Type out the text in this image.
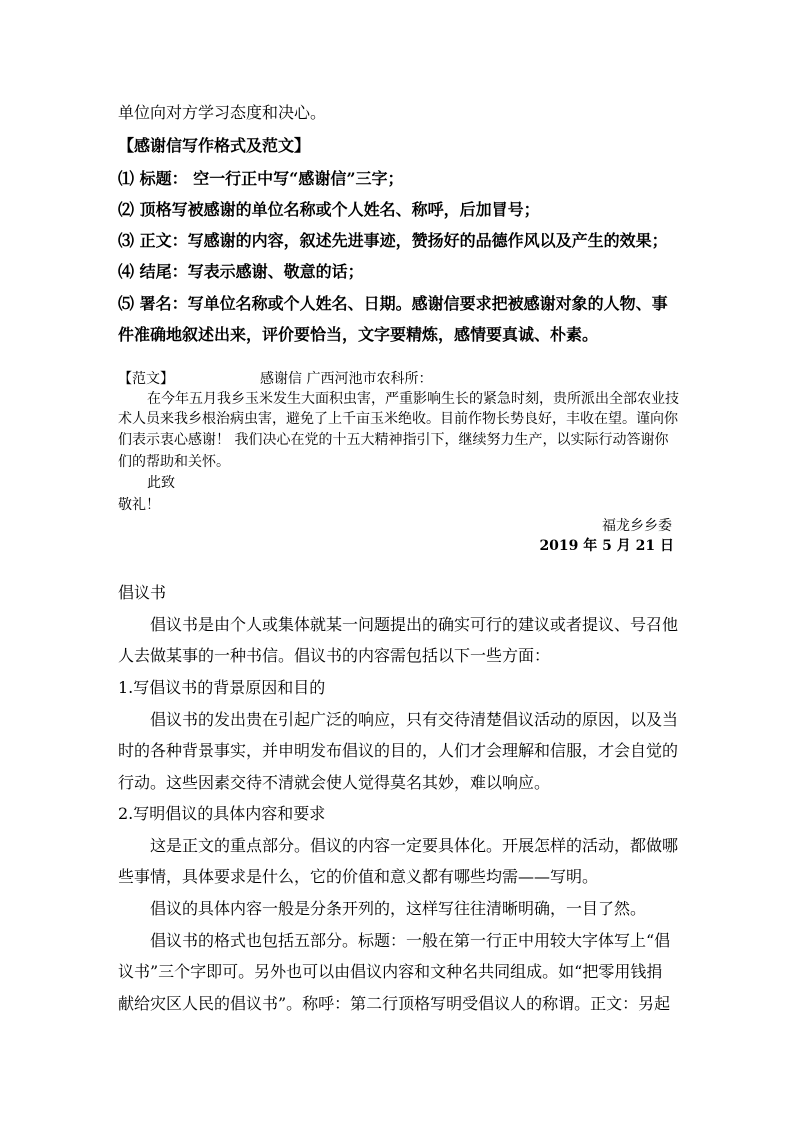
单位向对方学习态度和决心。
【感谢信写作格式及范文】
⑴ 标题： 空一行正中写“感谢信”三字；
⑵ 顶格写被感谢的单位名称或个人姓名、称呼，后加冒号；
⑶ 正文：写感谢的内容，叙述先进事迹，赞扬好的品德作风以及产生的效果；
⑷ 结尾：写表示感谢、敬意的话；
⑸ 署名：写单位名称或个人姓名、日期。感谢信要求把被感谢对象的人物、事
件准确地叙述出来，评价要恰当，文字要精炼，感情要真诚、朴素。
【范文】	感谢信 广西河池市农科所：
在今年五月我乡玉米发生大面积虫害，严重影响生长的紧急时刻，贵所派出全部农业技
术人员来我乡根治病虫害，避免了上千亩玉米绝收。目前作物长势良好，丰收在望。谨向你
们表示衷心感谢！ 我们决心在党的十五大精神指引下，继续努力生产，以实际行动答谢你
们的帮助和关怀。
此致
敬礼！
福龙乡乡委
2019 年 5 月 21 日
倡议书
倡议书是由个人或集体就某一问题提出的确实可行的建议或者提议、号召他
人去做某事的一种书信。倡议书的内容需包括以下一些方面：
1.写倡议书的背景原因和目的
倡议书的发出贵在引起广泛的响应，只有交待清楚倡议活动的原因，以及当
时的各种背景事实，并申明发布倡议的目的，人们才会理解和信服，才会自觉的
行动。这些因素交待不清就会使人觉得莫名其妙，难以响应。
2.写明倡议的具体内容和要求
这是正文的重点部分。倡议的内容一定要具体化。开展怎样的活动，都做哪
些事情，具体要求是什么，它的价值和意义都有哪些均需——写明。
倡议的具体内容一般是分条开列的，这样写往往清晰明确，一目了然。
倡议书的格式也包括五部分。标题：一般在第一行正中用较大字体写上“倡
议书”三个字即可。另外也可以由倡议内容和文种名共同组成。如“把零用钱捐
献给灾区人民的倡议书”。称呼：第二行顶格写明受倡议人的称谓。正文：另起
